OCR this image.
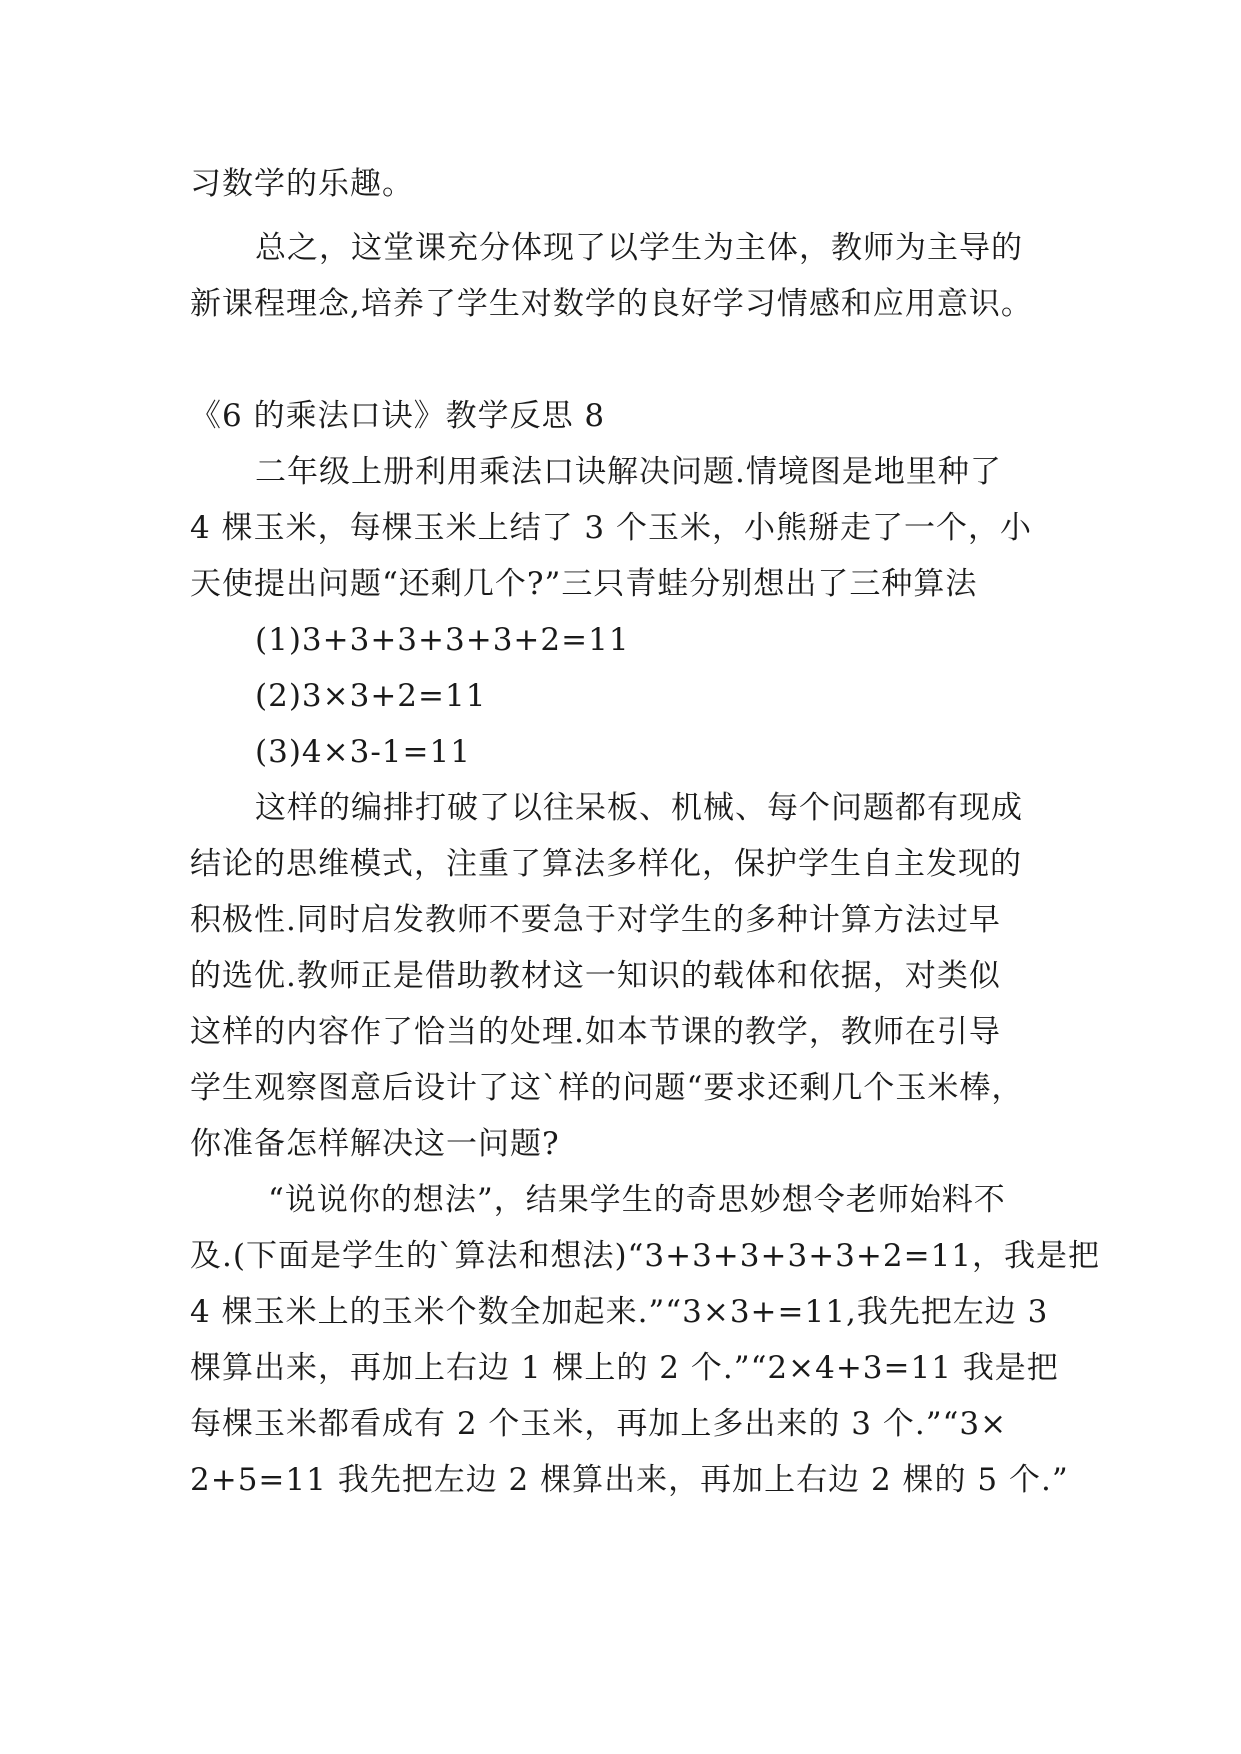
习数学的乐趣。
总之，这堂课充分体现了以学生为主体，教师为主导的
新课程理念,培养了学生对数学的良好学习情感和应用意识。
《6 的乘法口诀》教学反思 8
二年级上册利用乘法口诀解决问题.情境图是地里种了
4 棵玉米，每棵玉米上结了 3 个玉米，小熊掰走了一个，小
天使提出问题“还剩几个?”三只青蛙分别想出了三种算法
(1)3+3+3+3+3+2=11
(2)3×3+2=11
(3)4×3-1=11
这样的编排打破了以往呆板、机械、每个问题都有现成
结论的思维模式，注重了算法多样化，保护学生自主发现的
积极性.同时启发教师不要急于对学生的多种计算方法过早
的选优.教师正是借助教材这一知识的载体和依据，对类似
这样的内容作了恰当的处理.如本节课的教学，教师在引导
学生观察图意后设计了这`样的问题“要求还剩几个玉米棒，
你准备怎样解决这一问题?
“说说你的想法”，结果学生的奇思妙想令老师始料不
及.(下面是学生的`算法和想法)“3+3+3+3+3+2=11，我是把
4 棵玉米上的玉米个数全加起来.”“3×3+=11,我先把左边 3
棵算出来，再加上右边 1 棵上的 2 个.”“2×4+3=11 我是把
每棵玉米都看成有 2 个玉米，再加上多出来的 3 个.”“3×
2+5=11 我先把左边 2 棵算出来，再加上右边 2 棵的 5 个.”
